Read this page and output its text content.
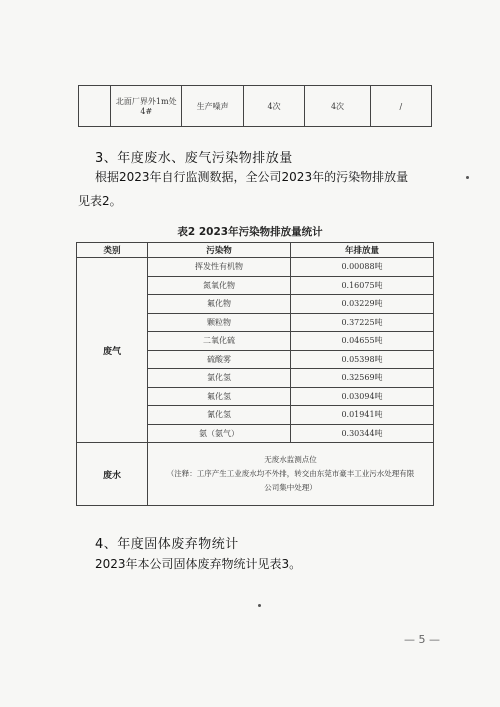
	北面厂界外1m处4#	生产噪声	4次	4次	/
3、年度废水、废气污染物排放量
根据2023年自行监测数据，全公司2023年的污染物排放量
见表2。
表2 2023年污染物排放量统计
类别	污染物	年排放量
废气	挥发性有机物	0.00088吨
	氮氧化物	0.16075吨
	氟化物	0.03229吨
	颗粒物	0.37225吨
	二氧化硫	0.04655吨
	硫酸雾	0.05398吨
	氯化氢	0.32569吨
	氟化氢	0.03094吨
	氰化氢	0.01941吨
	氨（氨气）	0.30344吨
废水	无废水监测点位
（注释：工序产生工业废水均不外排，转交由东莞市豪丰工业污水处理有限
公司集中处理）	
4、年度固体废弃物统计
2023年本公司固体废弃物统计见表3。
— 5 —
